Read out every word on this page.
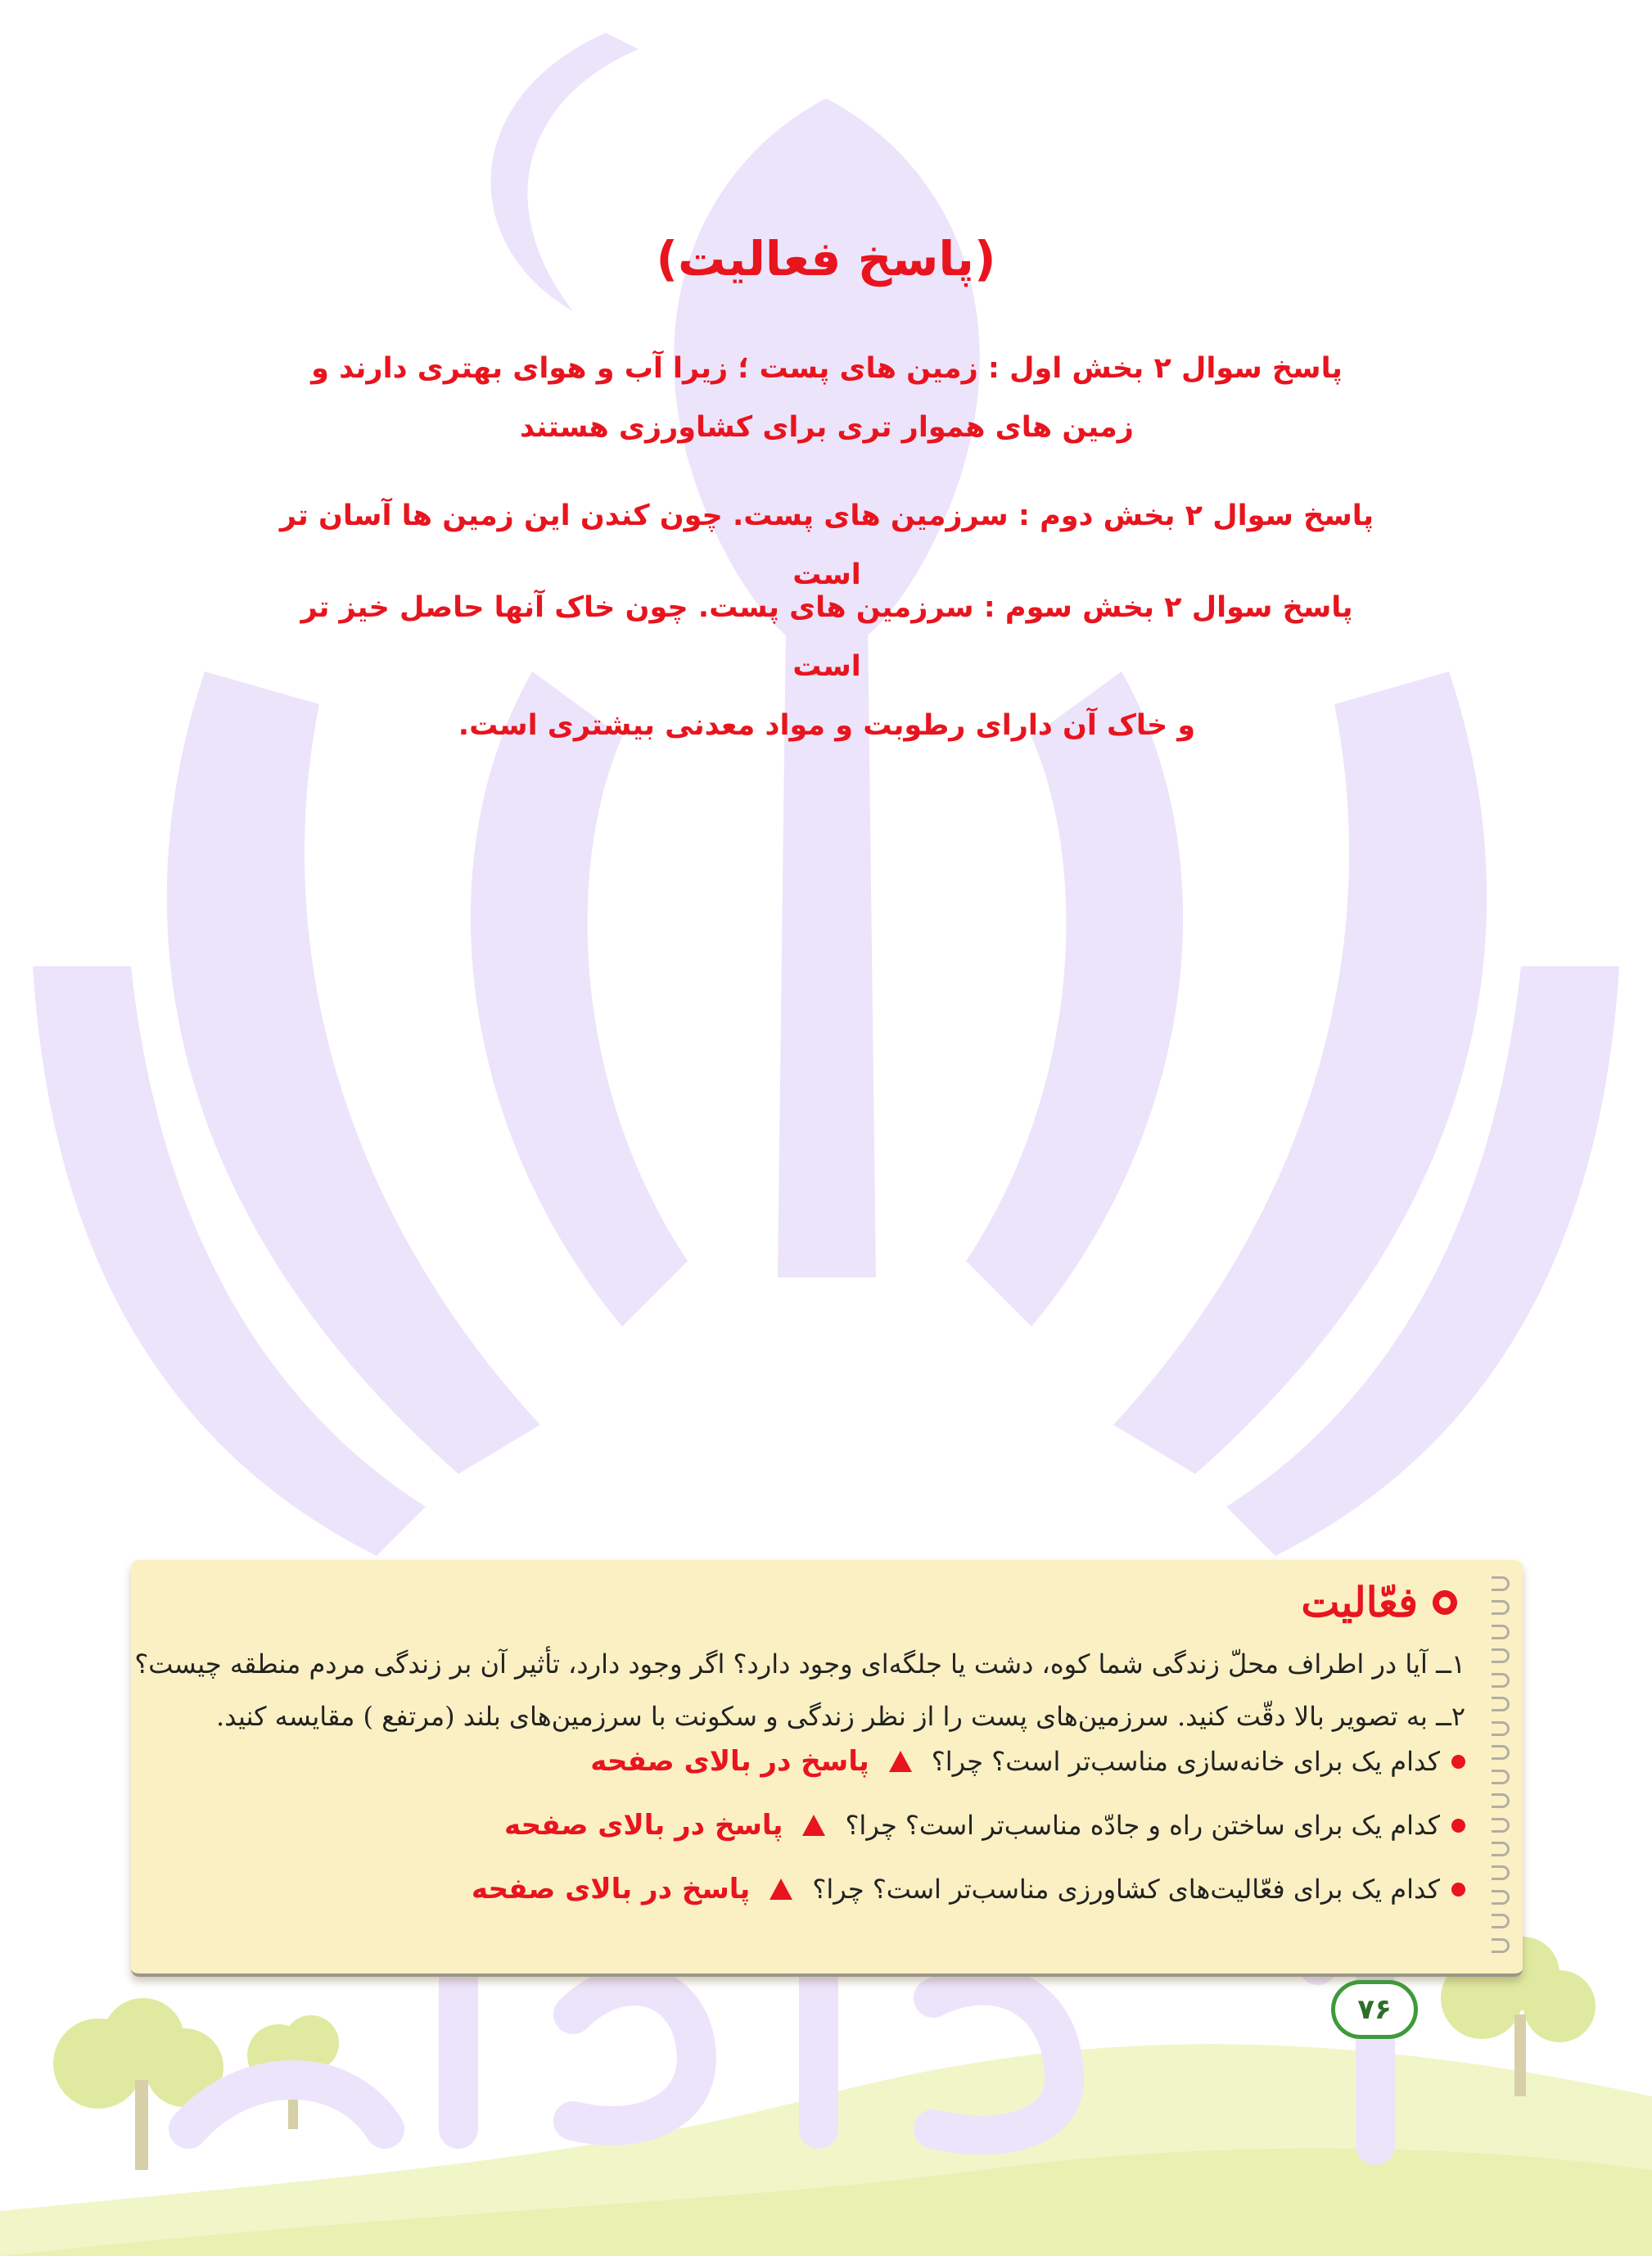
(پاسخ فعالیت)

پاسخ سوال ۲ بخش اول : زمین های پست ؛ زیرا آب و هوای بهتری دارند و
زمین های هموار تری برای کشاورزی هستند

پاسخ سوال ۲ بخش دوم : سرزمین های پست. چون کندن این زمین ها آسان تر است

پاسخ سوال ۲ بخش سوم : سرزمین های پست. چون خاک آنها حاصل خیز تر است
و خاک آن دارای رطوبت و مواد معدنی بیشتری است.

فعّالیت
۱ــ آیا در اطراف محلّ زندگی شما کوه، دشت یا جلگه‌ای وجود دارد؟ اگر وجود دارد، تأثیر آن بر زندگی مردم منطقه چیست؟
۲ــ به تصویر بالا دقّت کنید. سرزمین‌های پست را از نظر زندگی و سکونت با سرزمین‌های بلند (مرتفع ) مقایسه کنید.
کدام یک برای خانه‌سازی مناسب‌تر است؟ چرا؟
پاسخ در بالای صفحه
کدام یک برای ساختن راه و جادّه مناسب‌تر است؟ چرا؟
پاسخ در بالای صفحه
کدام یک برای فعّالیت‌های کشاورزی مناسب‌تر است؟ چرا؟
پاسخ در بالای صفحه
۷۶
